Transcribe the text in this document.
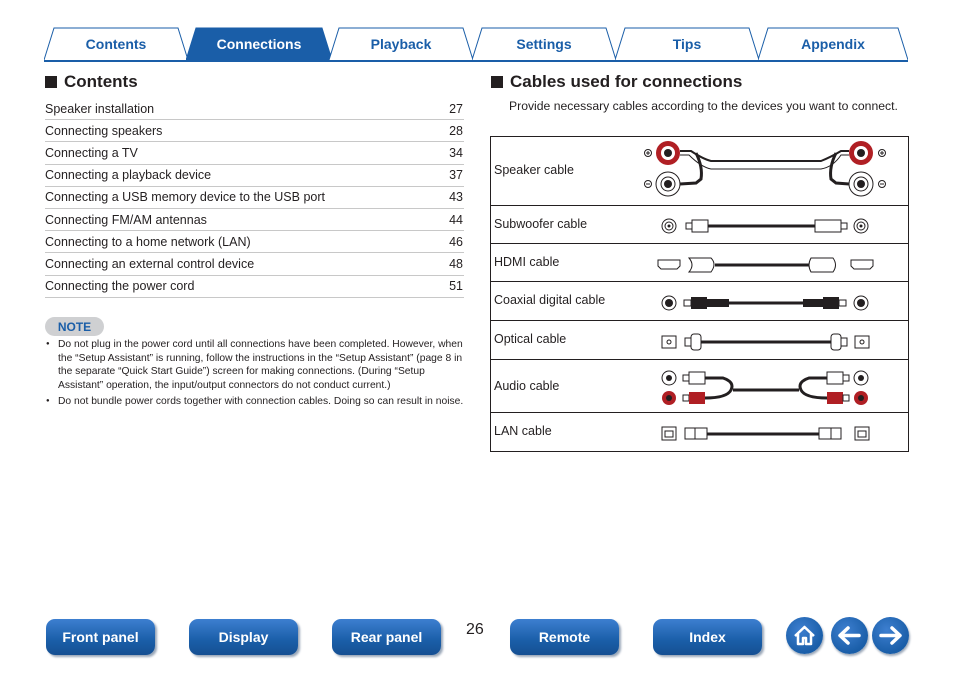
Contents	Connections	Playback	Settings	Tips	Appendix
Contents
Speaker installation	27
Connecting speakers	28
Connecting a TV	34
Connecting a playback device	37
Connecting a USB memory device to the USB port	43
Connecting FM/AM antennas	44
Connecting to a home network (LAN)	46
Connecting an external control device	48
Connecting the power cord	51
NOTE
● Do not plug in the power cord until all connections have been completed. However, when the “Setup Assistant” is running, follow the instructions in the “Setup Assistant” (page 8 in the separate “Quick Start Guide”) screen for making connections. (During “Setup Assistant” operation, the input/output connectors do not conduct current.)
● Do not bundle power cords together with connection cables. Doing so can result in noise.
Cables used for connections
Provide necessary cables according to the devices you want to connect.
Speaker cable
Subwoofer cable
HDMI cable
Coaxial digital cable
Optical cable
Audio cable
LAN cable
Front panel	Display	Rear panel	26	Remote	Index
